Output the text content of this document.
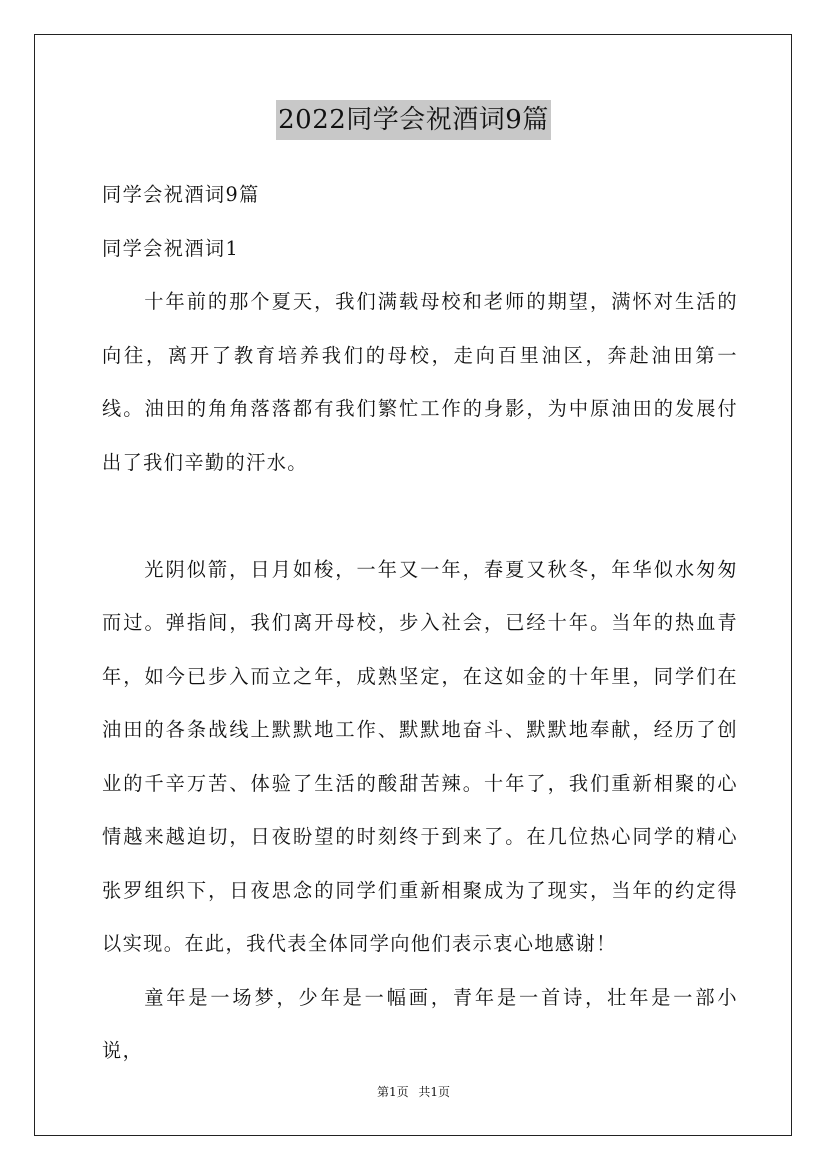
2022同学会祝酒词9篇

同学会祝酒词9篇

同学会祝酒词1

十年前的那个夏天，我们满载母校和老师的期望，满怀对生活的向往，离开了教育培养我们的母校，走向百里油区，奔赴油田第一线。油田的角角落落都有我们繁忙工作的身影，为中原油田的发展付出了我们辛勤的汗水。

光阴似箭，日月如梭，一年又一年，春夏又秋冬，年华似水匆匆而过。弹指间，我们离开母校，步入社会，已经十年。当年的热血青年，如今已步入而立之年，成熟坚定，在这如金的十年里，同学们在油田的各条战线上默默地工作、默默地奋斗、默默地奉献，经历了创业的千辛万苦、体验了生活的酸甜苦辣。十年了，我们重新相聚的心情越来越迫切，日夜盼望的时刻终于到来了。在几位热心同学的精心张罗组织下，日夜思念的同学们重新相聚成为了现实，当年的约定得以实现。在此，我代表全体同学向他们表示衷心地感谢！

童年是一场梦，少年是一幅画，青年是一首诗，壮年是一部小说，

第1页 共1页
